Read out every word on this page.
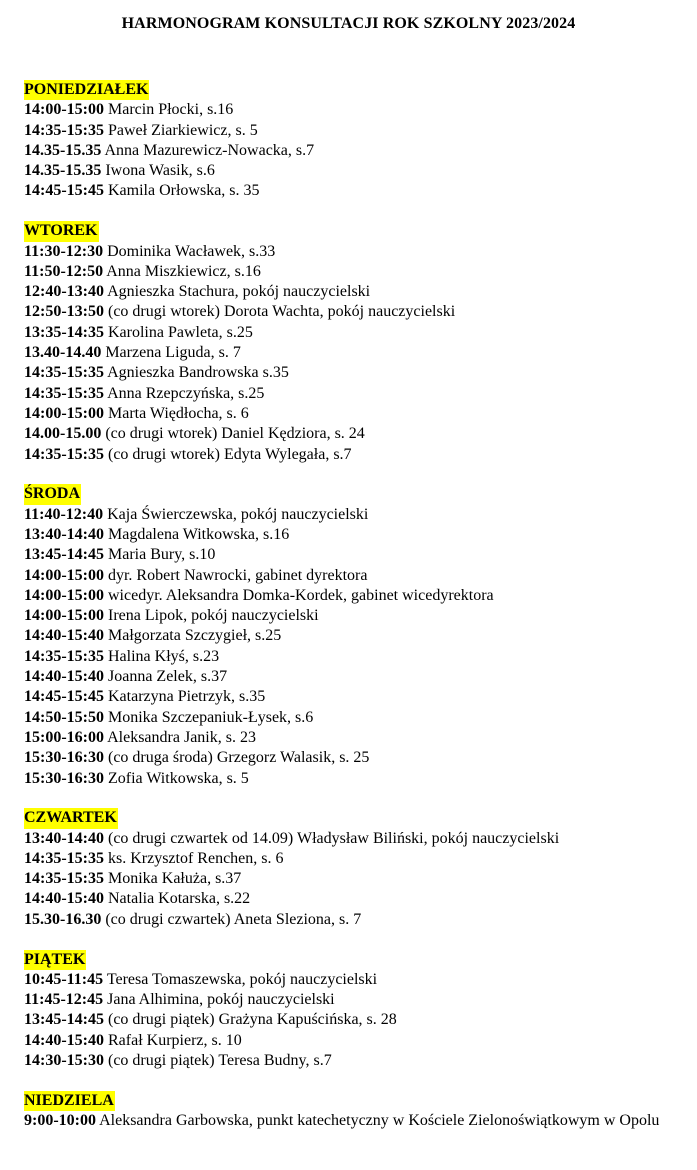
HARMONOGRAM KONSULTACJI ROK SZKOLNY 2023/2024
PONIEDZIAŁEK
14:00-15:00 Marcin Płocki, s.16
14:35-15:35 Paweł Ziarkiewicz, s. 5
14.35-15.35 Anna Mazurewicz-Nowacka, s.7
14.35-15.35 Iwona Wasik, s.6
14:45-15:45 Kamila Orłowska, s. 35
WTOREK
11:30-12:30 Dominika Wacławek, s.33
11:50-12:50 Anna Miszkiewicz, s.16
12:40-13:40 Agnieszka Stachura, pokój nauczycielski
12:50-13:50 (co drugi wtorek) Dorota Wachta, pokój nauczycielski
13:35-14:35 Karolina Pawleta, s.25
13.40-14.40 Marzena Liguda, s. 7
14:35-15:35 Agnieszka Bandrowska s.35
14:35-15:35 Anna Rzepczyńska, s.25
14:00-15:00 Marta Więdłocha, s. 6
14.00-15.00 (co drugi wtorek) Daniel Kędziora, s. 24
14:35-15:35 (co drugi wtorek) Edyta Wylegała, s.7
ŚRODA
11:40-12:40 Kaja Świerczewska, pokój nauczycielski
13:40-14:40 Magdalena Witkowska, s.16
13:45-14:45 Maria Bury, s.10
14:00-15:00 dyr. Robert Nawrocki, gabinet dyrektora
14:00-15:00 wicedyr. Aleksandra Domka-Kordek, gabinet wicedyrektora
14:00-15:00 Irena Lipok, pokój nauczycielski
14:40-15:40 Małgorzata Szczygieł, s.25
14:35-15:35 Halina Kłyś, s.23
14:40-15:40 Joanna Zelek, s.37
14:45-15:45 Katarzyna Pietrzyk, s.35
14:50-15:50 Monika Szczepaniuk-Łysek, s.6
15:00-16:00 Aleksandra Janik, s. 23
15:30-16:30 (co druga środa) Grzegorz Walasik, s. 25
15:30-16:30 Zofia Witkowska, s. 5
CZWARTEK
13:40-14:40 (co drugi czwartek od 14.09) Władysław Biliński, pokój nauczycielski
14:35-15:35 ks. Krzysztof Renchen, s. 6
14:35-15:35 Monika Kałuża, s.37
14:40-15:40 Natalia Kotarska, s.22
15.30-16.30 (co drugi czwartek) Aneta Sleziona, s. 7
PIĄTEK
10:45-11:45 Teresa Tomaszewska, pokój nauczycielski
11:45-12:45 Jana Alhimina, pokój nauczycielski
13:45-14:45 (co drugi piątek) Grażyna Kapuścińska, s. 28
14:40-15:40 Rafał Kurpierz, s. 10
14:30-15:30 (co drugi piątek) Teresa Budny, s.7
NIEDZIELA
9:00-10:00 Aleksandra Garbowska, punkt katechetyczny w Kościele Zielonoświątkowym w Opolu
